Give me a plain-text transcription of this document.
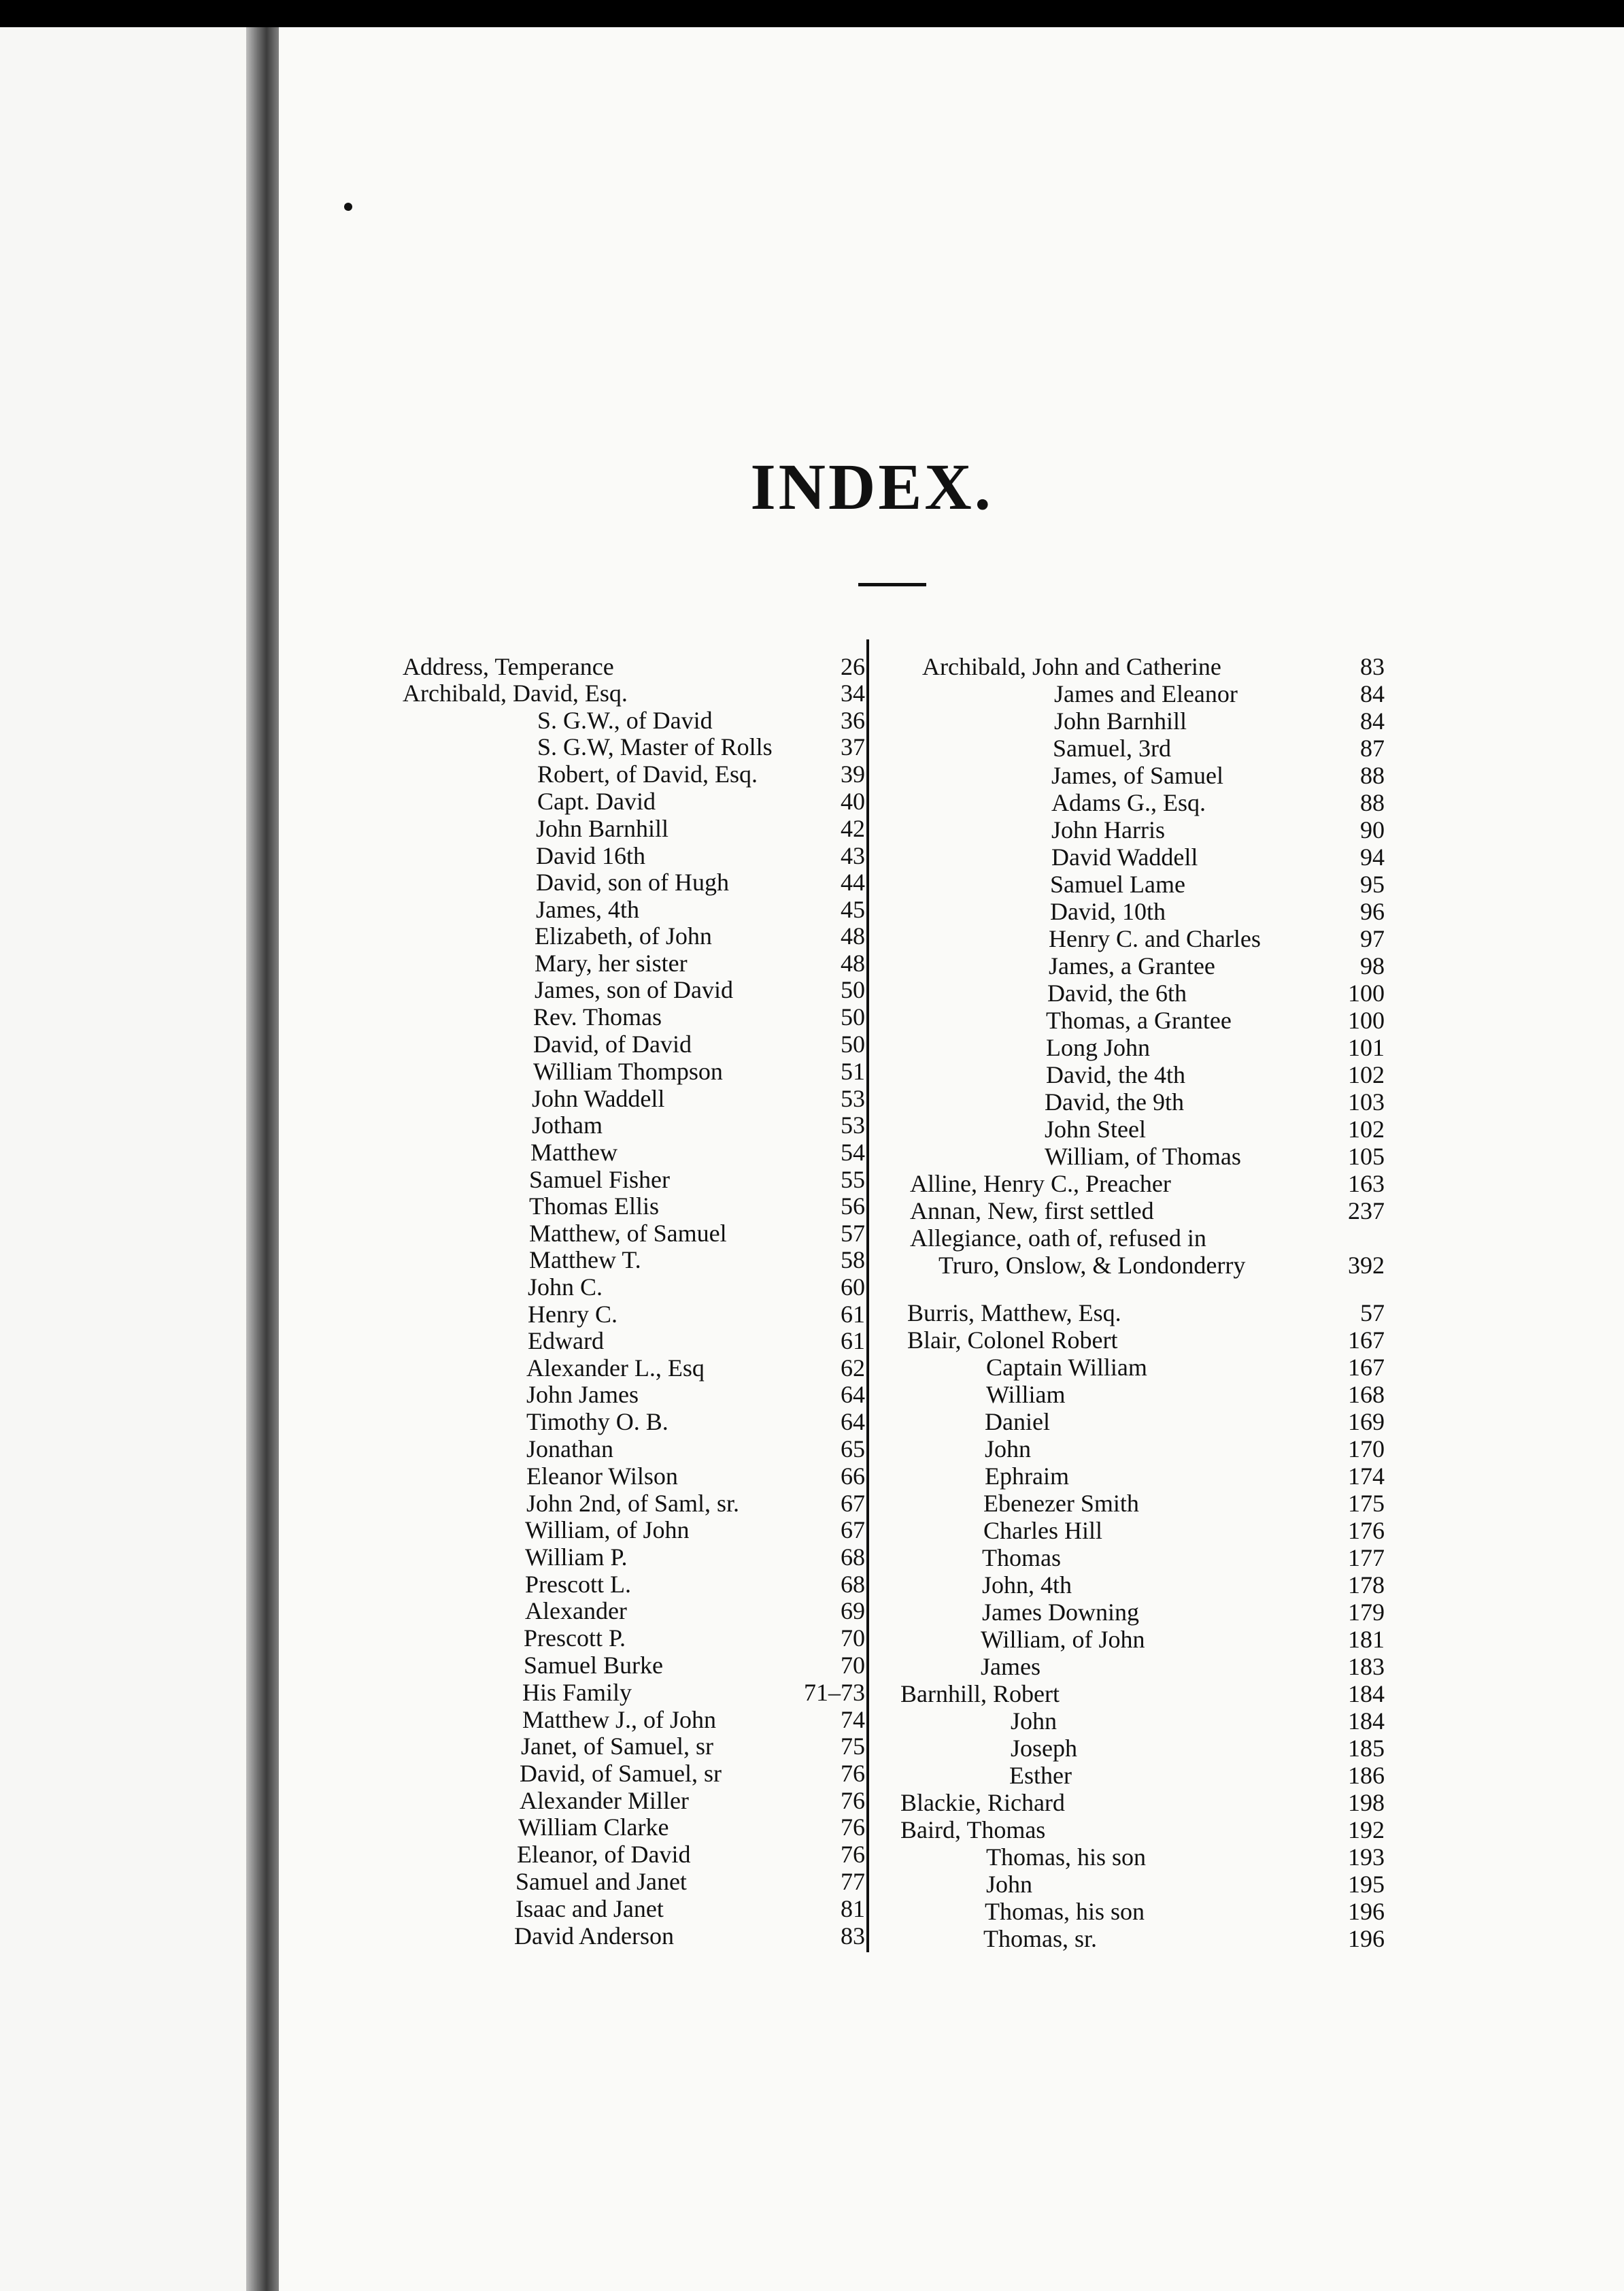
INDEX.
Address, Temperance	26
Archibald, David, Esq.	34
S. G.W., of David	36
S. G.W, Master of Rolls	37
Robert, of David, Esq.	39
Capt. David	40
John Barnhill	42
David 16th	43
David, son of Hugh	44
James, 4th	45
Elizabeth, of John	48
Mary, her sister	48
James, son of David	50
Rev. Thomas	50
David, of David	50
William Thompson	51
John Waddell	53
Jotham	53
Matthew	54
Samuel Fisher	55
Thomas Ellis	56
Matthew, of Samuel	57
Matthew T.	58
John C.	60
Henry C.	61
Edward	61
Alexander L., Esq	62
John James	64
Timothy O. B.	64
Jonathan	65
Eleanor Wilson	66
John 2nd, of Saml, sr.	67
William, of John	67
William P.	68
Prescott L.	68
Alexander	69
Prescott P.	70
Samuel Burke	70
His Family	71–73
Matthew J., of John	74
Janet, of Samuel, sr	75
David, of Samuel, sr	76
Alexander Miller	76
William Clarke	76
Eleanor, of David	76
Samuel and Janet	77
Isaac and Janet	81
David Anderson	83
Archibald, John and Catherine	83
James and Eleanor	84
John Barnhill	84
Samuel, 3rd	87
James, of Samuel	88
Adams G., Esq.	88
John Harris	90
David Waddell	94
Samuel Lame	95
David, 10th	96
Henry C. and Charles	97
James, a Grantee	98
David, the 6th	100
Thomas, a Grantee	100
Long John	101
David, the 4th	102
David, the 9th	103
John Steel	102
William, of Thomas	105
Alline, Henry C., Preacher	163
Annan, New, first settled	237
Allegiance, oath of, refused in
Truro, Onslow, & Londonderry	392
Burris, Matthew, Esq.	57
Blair, Colonel Robert	167
Captain William	167
William	168
Daniel	169
John	170
Ephraim	174
Ebenezer Smith	175
Charles Hill	176
Thomas	177
John, 4th	178
James Downing	179
William, of John	181
James	183
Barnhill, Robert	184
John	184
Joseph	185
Esther	186
Blackie, Richard	198
Baird, Thomas	192
Thomas, his son	193
John	195
Thomas, his son	196
Thomas, sr.	196
